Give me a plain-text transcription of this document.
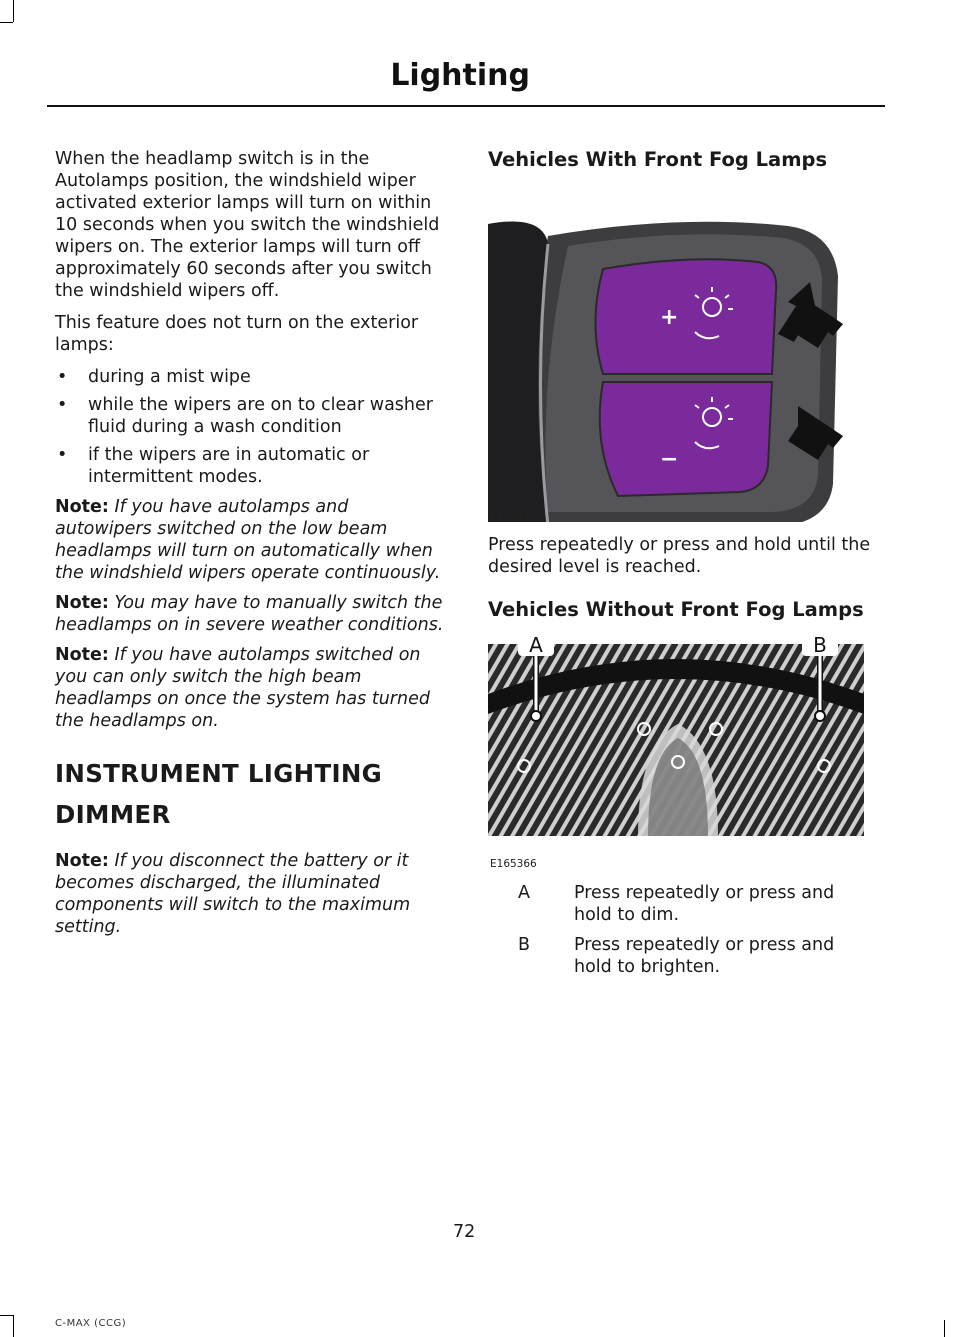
Lighting

When the headlamp switch is in the Autolamps position, the windshield wiper activated exterior lamps will turn on within 10 seconds when you switch the windshield wipers on. The exterior lamps will turn off approximately 60 seconds after you switch the windshield wipers off.

This feature does not turn on the exterior lamps:

• during a mist wipe
• while the wipers are on to clear washer fluid during a wash condition
• if the wipers are in automatic or intermittent modes.
Note: If you have autolamps and autowipers switched on the low beam headlamps will turn on automatically when the windshield wipers operate continuously.
Note: You may have to manually switch the headlamps on in severe weather conditions.
Note: If you have autolamps switched on you can only switch the high beam headlamps on once the system has turned the headlamps on.
INSTRUMENT LIGHTING
DIMMER
Note: If you disconnect the battery or it becomes discharged, the illuminated components will switch to the maximum setting.
Vehicles With Front Fog Lamps
+
−
E132712

Press repeatedly or press and hold until the desired level is reached.

Vehicles Without Front Fog Lamps
A	B
E165366
A	Press repeatedly or press and hold to dim.
B	Press repeatedly or press and hold to brighten.
72
C-MAX (CCG)
